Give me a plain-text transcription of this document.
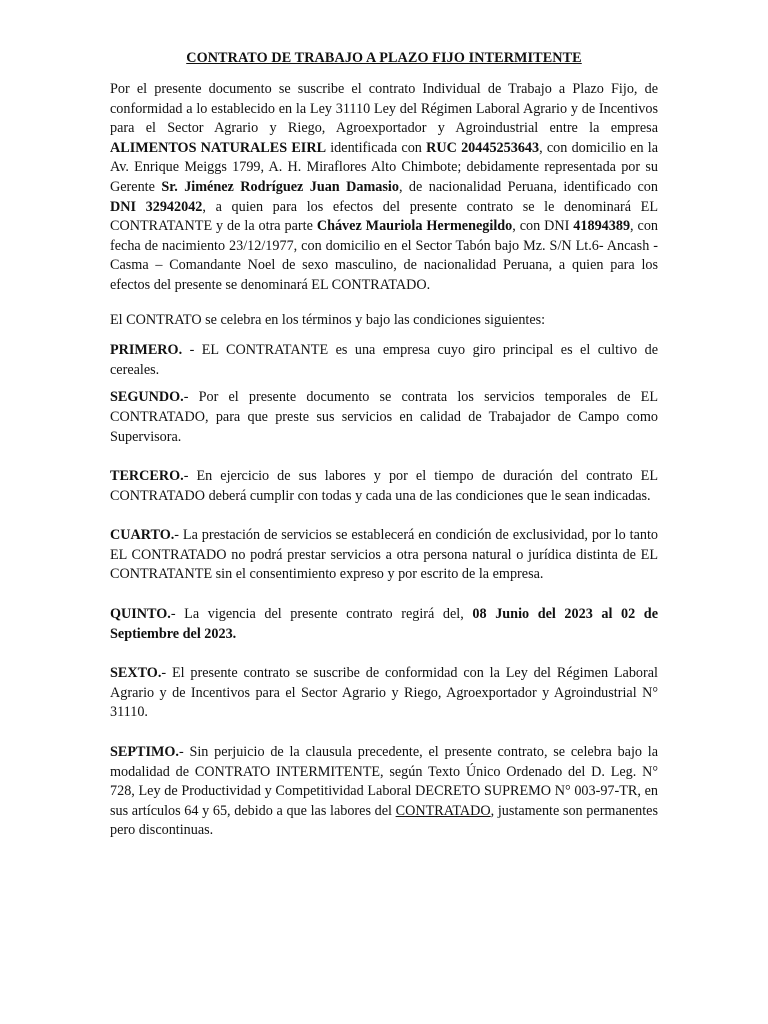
CONTRATO DE TRABAJO A PLAZO FIJO INTERMITENTE

Por el presente documento se suscribe el contrato Individual de Trabajo a Plazo Fijo, de conformidad a lo establecido en la Ley 31110 Ley del Régimen Laboral Agrario y de Incentivos para el Sector Agrario y Riego, Agroexportador y Agroindustrial entre la empresa ALIMENTOS NATURALES EIRL identificada con RUC 20445253643, con domicilio en la Av. Enrique Meiggs 1799, A. H. Miraflores Alto Chimbote; debidamente representada por su Gerente Sr. Jiménez Rodríguez Juan Damasio, de nacionalidad Peruana, identificado con DNI 32942042, a quien para los efectos del presente contrato se le denominará EL CONTRATANTE y de la otra parte Chávez Mauriola Hermenegildo, con DNI 41894389, con fecha de nacimiento 23/12/1977, con domicilio en el Sector Tabón bajo Mz. S/N Lt.6- Ancash - Casma – Comandante Noel de sexo masculino, de nacionalidad Peruana, a quien para los efectos del presente se denominará EL CONTRATADO.

El CONTRATO se celebra en los términos y bajo las condiciones siguientes:

PRIMERO. - EL CONTRATANTE es una empresa cuyo giro principal es el cultivo de cereales.

SEGUNDO.- Por el presente documento se contrata los servicios temporales de EL CONTRATADO, para que preste sus servicios en calidad de Trabajador de Campo como Supervisora.

TERCERO.- En ejercicio de sus labores y por el tiempo de duración del contrato EL CONTRATADO deberá cumplir con todas y cada una de las condiciones que le sean indicadas.

CUARTO.- La prestación de servicios se establecerá en condición de exclusividad, por lo tanto EL CONTRATADO no podrá prestar servicios a otra persona natural o jurídica distinta de EL CONTRATANTE sin el consentimiento expreso y por escrito de la empresa.

QUINTO.- La vigencia del presente contrato regirá del, 08 Junio del 2023 al 02 de Septiembre del 2023.

SEXTO.- El presente contrato se suscribe de conformidad con la Ley del Régimen Laboral Agrario y de Incentivos para el Sector Agrario y Riego, Agroexportador y Agroindustrial N° 31110.

SEPTIMO.- Sin perjuicio de la clausula precedente, el presente contrato, se celebra bajo la modalidad de CONTRATO INTERMITENTE, según Texto Único Ordenado del D. Leg. N° 728, Ley de Productividad y Competitividad Laboral DECRETO SUPREMO N° 003-97-TR, en sus artículos 64 y 65, debido a que las labores del CONTRATADO, justamente son permanentes pero discontinuas.
